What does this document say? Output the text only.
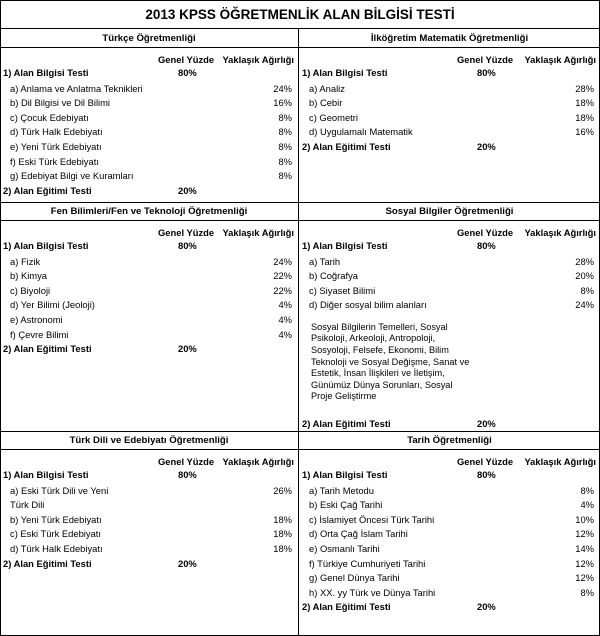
2013 KPSS ÖĞRETMENLİK ALAN BİLGİSİ TESTİ
Türkçe Öğretmenliği
Genel Yüzde Yaklaşık Ağırlığı
1) Alan Bilgisi Testi	80%
a) Anlama ve Anlatma Teknikleri	24%
b) Dil Bilgisi ve Dil Bilimi	16%
c) Çocuk Edebiyatı	8%
d) Türk Halk Edebiyatı	8%
e) Yeni Türk Edebiyatı	8%
f) Eski Türk Edebiyatı	8%
g) Edebiyat Bilgi ve Kuramları	8%
2) Alan Eğitimi Testi	20%
İlköğretim Matematik Öğretmenliği
Genel Yüzde Yaklaşık Ağırlığı
1) Alan Bilgisi Testi	80%
a) Analiz	28%
b) Cebir	18%
c) Geometri	18%
d) Uygulamalı Matematik	16%
2) Alan Eğitimi Testi	20%
Fen Bilimleri/Fen ve Teknoloji Öğretmenliği
Genel Yüzde Yaklaşık Ağırlığı
1) Alan Bilgisi Testi	80%
a) Fizik	24%
b) Kimya	22%
c) Biyoloji	22%
d) Yer Bilimi (Jeoloji)	4%
e) Astronomi	4%
f) Çevre Bilimi	4%
2) Alan Eğitimi Testi	20%
Sosyal Bilgiler Öğretmenliği
Genel Yüzde Yaklaşık Ağırlığı
1) Alan Bilgisi Testi	80%
a) Tarih	28%
b) Coğrafya	20%
c) Siyaset Bilimi	8%
d) Diğer sosyal bilim alanları	24%
Sosyal Bilgilerin Temelleri, Sosyal Psikoloji, Arkeoloji, Antropoloji, Sosyoloji, Felsefe, Ekonomi, Bilim Teknoloji ve Sosyal Değişme, Sanat ve Estetik, İnsan İlişkileri ve İletişim, Günümüz Dünya Sorunları, Sosyal Proje Geliştirme
2) Alan Eğitimi Testi	20%
Türk Dili ve Edebiyatı Öğretmenliği
Genel Yüzde Yaklaşık Ağırlığı
1) Alan Bilgisi Testi	80%
a) Eski Türk Dili ve Yeni	26%
Türk Dili
b) Yeni Türk Edebiyatı	18%
c) Eski Türk Edebiyatı	18%
d) Türk Halk Edebiyatı	18%
2) Alan Eğitimi Testi	20%
Tarih Öğretmenliği
Genel Yüzde Yaklaşık Ağırlığı
1) Alan Bilgisi Testi	80%
a) Tarih Metodu	8%
b) Eski Çağ Tarihi	4%
c) İslamiyet Öncesi Türk Tarihi	10%
d) Orta Çağ İslam Tarihi	12%
e) Osmanlı Tarihi	14%
f) Türkiye Cumhuriyeti Tarihi	12%
g) Genel Dünya Tarihi	12%
h) XX. yy Türk ve Dünya Tarihi	8%
2) Alan Eğitimi Testi	20%
